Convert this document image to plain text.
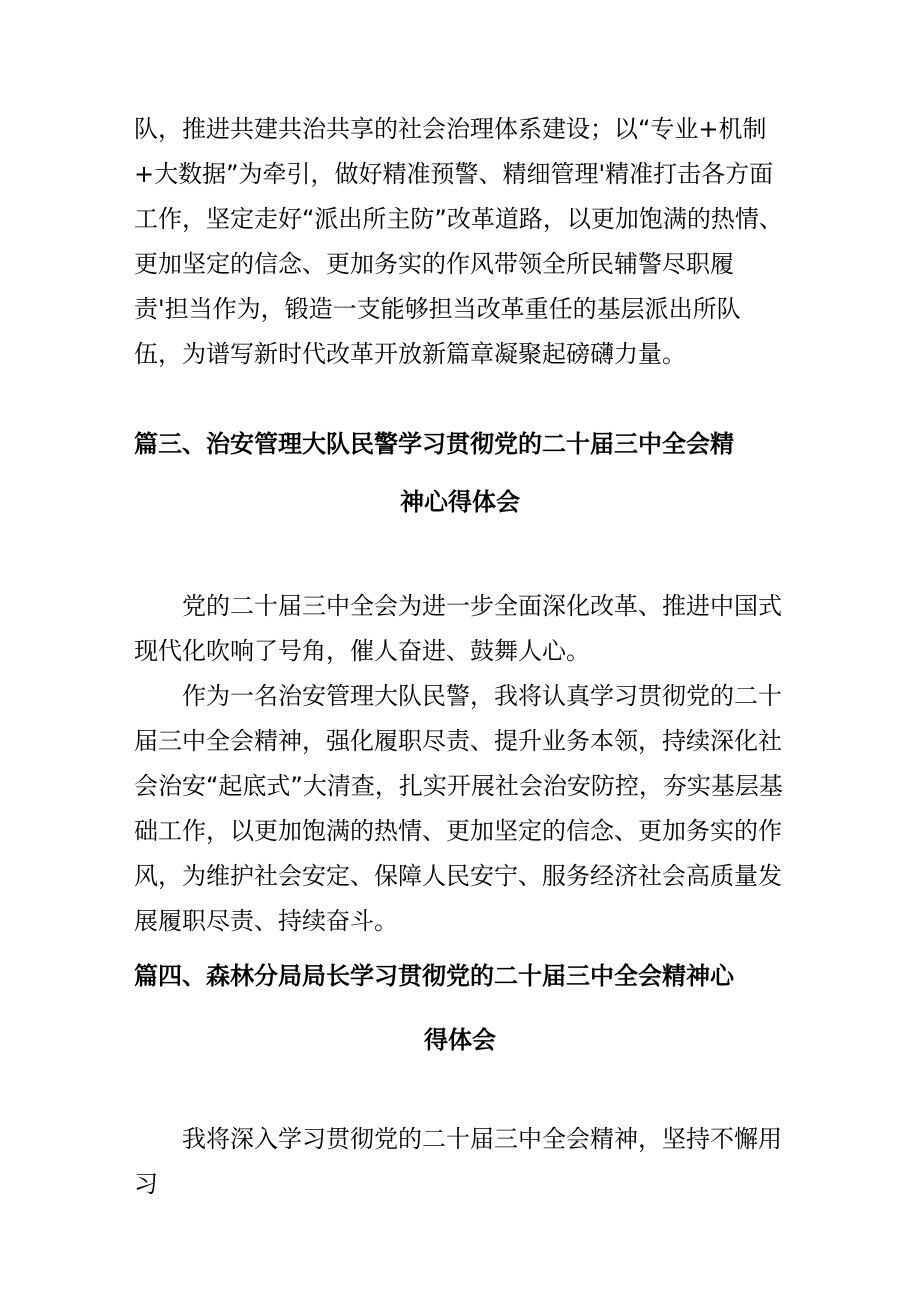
队，推进共建共治共享的社会治理体系建设；以“专业+机制+大数据”为牵引，做好精准预警、精细管理'精准打击各方面工作，坚定走好“派出所主防”改革道路，以更加饱满的热情、更加坚定的信念、更加务实的作风带领全所民辅警尽职履责'担当作为，锻造一支能够担当改革重任的基层派出所队伍，为谱写新时代改革开放新篇章凝聚起磅礴力量。
篇三、治安管理大队民警学习贯彻党的二十届三中全会精
神心得体会
党的二十届三中全会为进一步全面深化改革、推进中国式现代化吹响了号角，催人奋进、鼓舞人心。
作为一名治安管理大队民警，我将认真学习贯彻党的二十届三中全会精神，强化履职尽责、提升业务本领，持续深化社会治安“起底式”大清查，扎实开展社会治安防控，夯实基层基础工作，以更加饱满的热情、更加坚定的信念、更加务实的作风，为维护社会安定、保障人民安宁、服务经济社会高质量发展履职尽责、持续奋斗。
篇四、森林分局局长学习贯彻党的二十届三中全会精神心
得体会
我将深入学习贯彻党的二十届三中全会精神，坚持不懈用习
